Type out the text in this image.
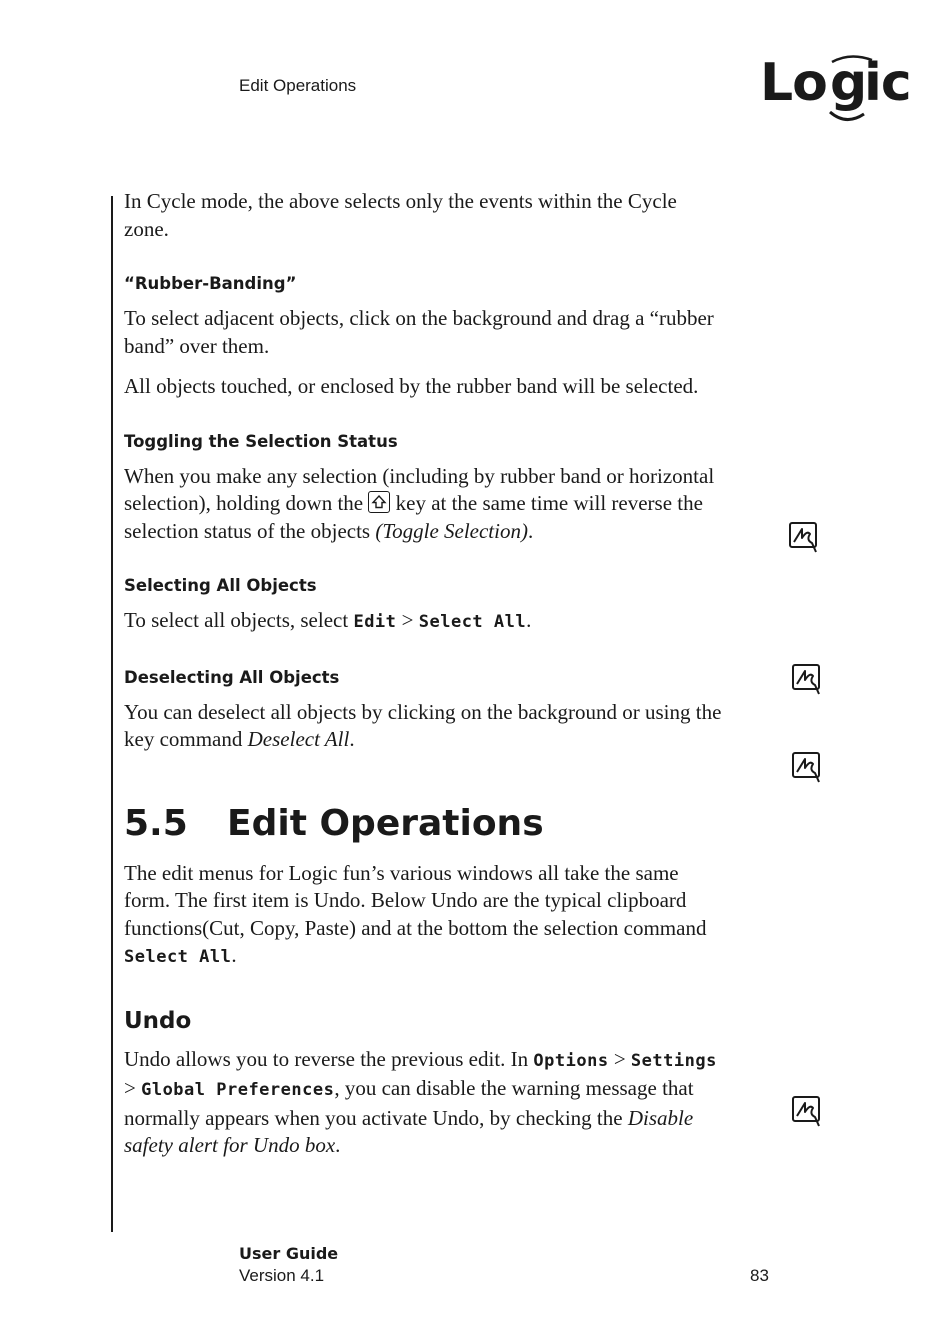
Edit Operations	Lo g
ic

In Cycle mode, the above selects only the events within the Cycle zone.

“Rubber-Banding”

To select adjacent objects, click on the background and drag a “rubber band” over them.

All objects touched, or enclosed by the rubber band will be selected.

Toggling the Selection Status

When you make any selection (including by rubber band or horizontal selection), holding down the
key at the same time will reverse the selection status of the objects (Toggle Selection).

Selecting All Objects

To select all objects, select Edit > Select All.

Deselecting All Objects

You can deselect all objects by clicking on the background or using the key command Deselect All.

5.5 Edit Operations

The edit menus for Logic fun’s various windows all take the same form. The first item is Undo. Below Undo are the typical clipboard functions(Cut, Copy, Paste) and at the bottom the selection command Select All.

Undo

Undo allows you to reverse the previous edit. In Options > Settings > Global Preferences, you can disable the warning message that normally appears when you activate Undo, by checking the Disable safety alert for Undo box.

User Guide
Version 4.1	83
